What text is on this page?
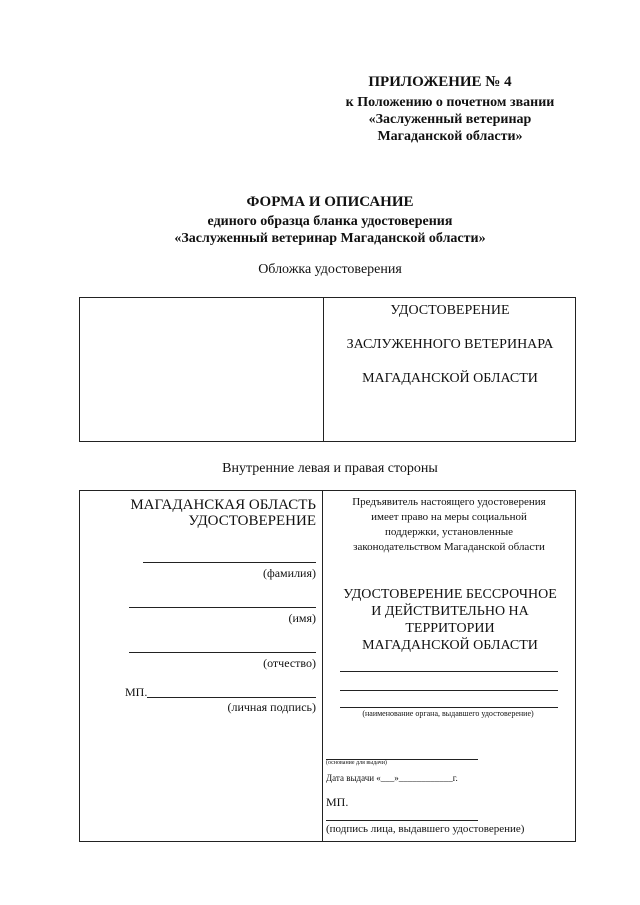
ПРИЛОЖЕНИЕ № 4
к Положению о почетном звании
«Заслуженный ветеринар
Магаданской области»
ФОРМА И ОПИСАНИЕ
единого образца бланка удостоверения
«Заслуженный ветеринар Магаданской области»
Обложка удостоверения
УДОСТОВЕРЕНИЕ
ЗАСЛУЖЕННОГО ВЕТЕРИНАРА
МАГАДАНСКОЙ ОБЛАСТИ
Внутренние левая и правая стороны
МАГАДАНСКАЯ ОБЛАСТЬ
УДОСТОВЕРЕНИЕ
(фамилия)
(имя)
(отчество)
МП.
(личная подпись)
Предъявитель настоящего удостоверения
имеет право на меры социальной
поддержки, установленные
законодательством Магаданской области
УДОСТОВЕРЕНИЕ БЕССРОЧНОЕ
И ДЕЙСТВИТЕЛЬНО НА
ТЕРРИТОРИИ
МАГАДАНСКОЙ ОБЛАСТИ
(наименование органа, выдавшего удостоверение)
(основание для выдачи)
Дата выдачи «___»____________г.
МП.
(подпись лица, выдавшего удостоверение)
